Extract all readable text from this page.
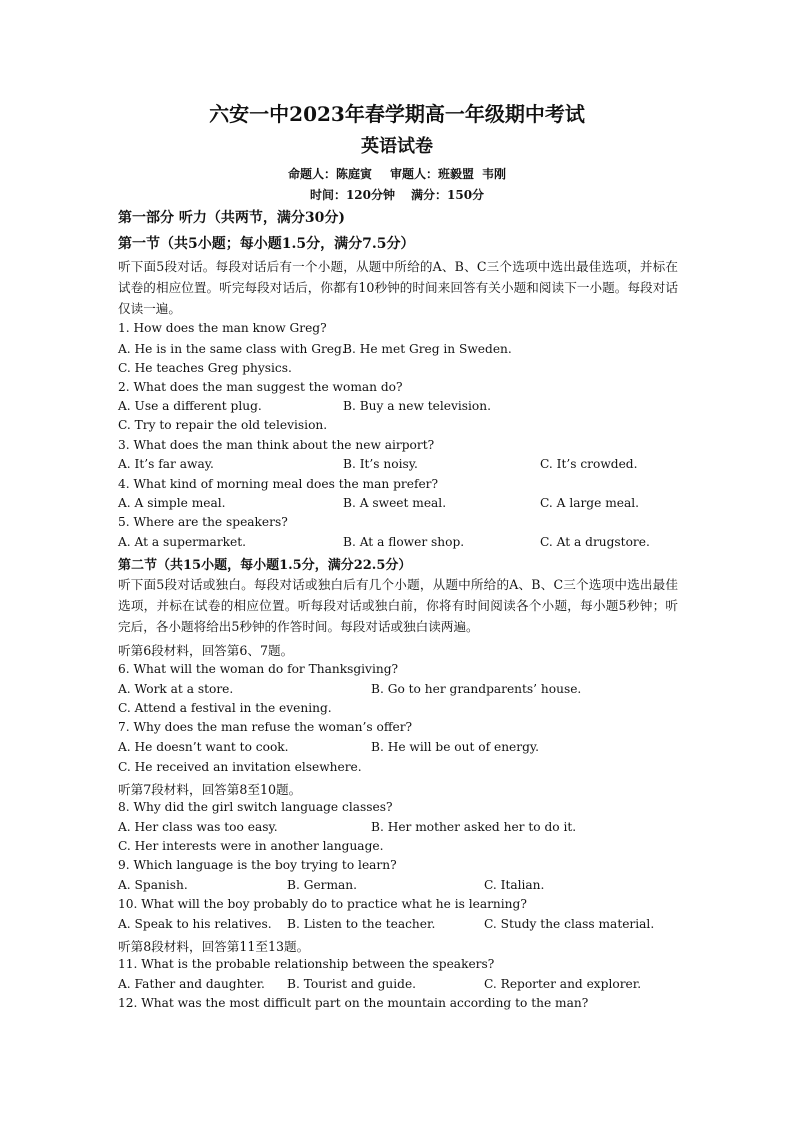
六安一中2023年春学期高一年级期中考试

英语试卷

命题人：陈庭寅 审题人：班毅盟 韦刚

时间：120分钟 满分：150分

第一部分 听力（共两节，满分30分)

第一节（共5小题；每小题1.5分，满分7.5分）

听下面5段对话。每段对话后有一个小题，从题中所给的A、B、C三个选项中选出最佳选项，并标在试卷的相应位置。听完每段对话后，你都有10秒钟的时间来回答有关小题和阅读下一小题。每段对话仅读一遍。

1. How does the man know Greg?

A. He is in the same class with Greg.

B. He met Greg in Sweden.

C. He teaches Greg physics.

2. What does the man suggest the woman do?

A. Use a different plug.	B. Buy a new television.

C. Try to repair the old television.

3. What does the man think about the new airport?

A. It’s far away.	B. It’s noisy.	C. It’s crowded.

4. What kind of morning meal does the man prefer?

A. A simple meal.	B. A sweet meal.	C. A large meal.

5. Where are the speakers?

A. At a supermarket.	B. At a flower shop.	C. At a drugstore.

第二节（共15小题，每小题1.5分，满分22.5分）

听下面5段对话或独白。每段对话或独白后有几个小题，从题中所给的A、B、C三个选项中选出最佳选项，并标在试卷的相应位置。听每段对话或独白前，你将有时间阅读各个小题，每小题5秒钟；听完后，各小题将给出5秒钟的作答时间。每段对话或独白读两遍。

听第6段材料，回答第6、7题。

6. What will the woman do for Thanksgiving?

A. Work at a store.	B. Go to her grandparents’ house.

C. Attend a festival in the evening.

7. Why does the man refuse the woman’s offer?

A. He doesn’t want to cook.	B. He will be out of energy.

C. He received an invitation elsewhere.

听第7段材料，回答第8至10题。

8. Why did the girl switch language classes?

A. Her class was too easy.	B. Her mother asked her to do it.

C. Her interests were in another language.

9. Which language is the boy trying to learn?

A. Spanish.	B. German.	C. Italian.

10. What will the boy probably do to practice what he is learning?

A. Speak to his relatives. B. Listen to the teacher.	C. Study the class material.

听第8段材料，回答第11至13题。

11. What is the probable relationship between the speakers?

A. Father and daughter. B. Tourist and guide.	C. Reporter and explorer.

12. What was the most difficult part on the mountain according to the man?
